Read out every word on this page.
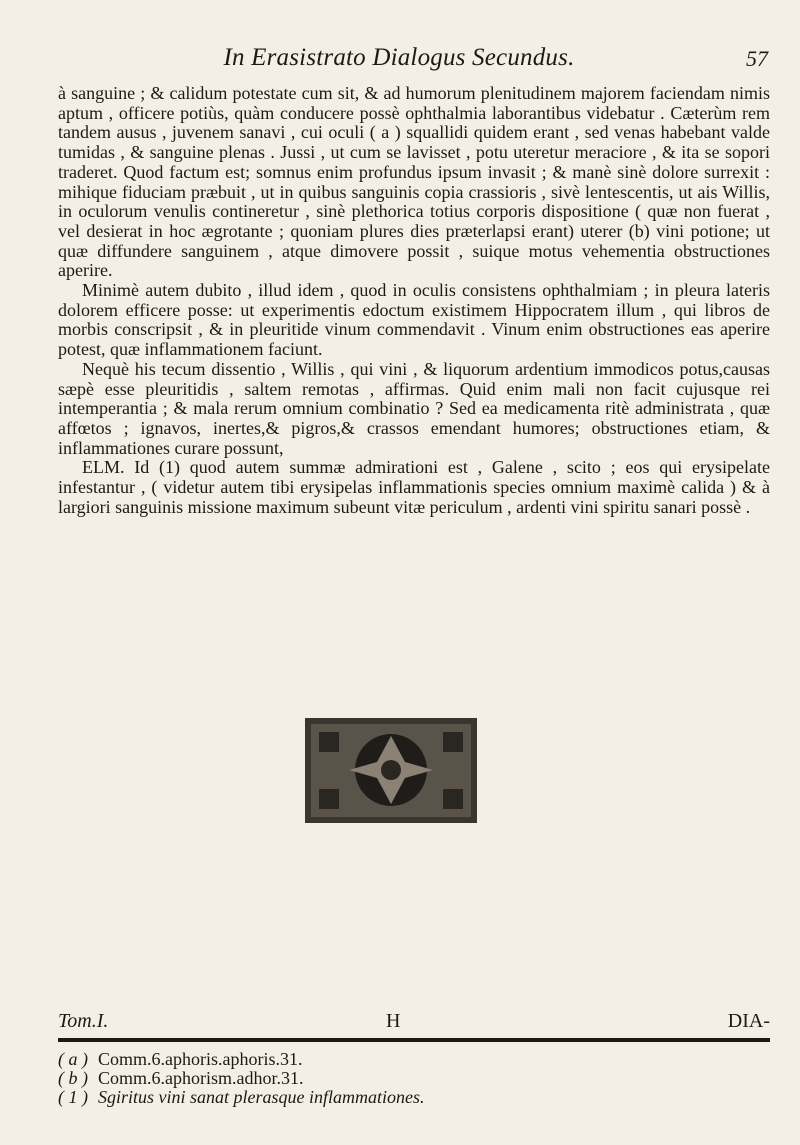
In Erasistrato Dialogus Secundus.	57

à sanguine ; & calidum potestate cum sit, & ad humorum plenitudinem majorem faciendam nimis aptum , officere potiùs, quàm conducere possè ophthalmia laborantibus videbatur . Cæterùm rem tandem ausus , juvenem sanavi , cui oculi ( a ) squallidi quidem erant , sed venas habebant valde tumidas , & sanguine plenas . Jussi , ut cum se lavisset , potu uteretur meraciore , & ita se sopori traderet. Quod factum est; somnus enim profundus ipsum invasit ; & manè sinè dolore surrexit : mihique fiduciam præbuit , ut in quibus sanguinis copia crassioris , sivè lentescentis, ut ais Willis, in oculorum venulis contineretur , sinè plethorica totius corporis dispositione ( quæ non fuerat , vel desierat in hoc ægrotante ; quoniam plures dies præterlapsi erant) uterer (b) vini potione; ut quæ diffundere sanguinem , atque dimovere possit , suique motus vehementia obstructiones aperire.

Minimè autem dubito , illud idem , quod in oculis consistens ophthalmiam ; in pleura lateris dolorem efficere posse: ut experimentis edoctum existimem Hippocratem illum , qui libros de morbis conscripsit , & in pleuritide vinum commendavit . Vinum enim obstructiones eas aperire potest, quæ inflammationem faciunt.

Nequè his tecum dissentio , Willis , qui vini , & liquorum ardentium immodicos potus,causas sæpè esse pleuritidis , saltem remotas , affirmas. Quid enim mali non facit cujusque rei intemperantia ; & mala rerum omnium combinatio ? Sed ea medicamenta ritè administrata , quæ affœtos ; ignavos, inertes,& pigros,& crassos emendant humores; obstructiones etiam, & inflammationes curare possunt,

ELM. Id (1) quod autem summæ admirationi est , Galene , scito ; eos qui erysipelate infestantur , ( videtur autem tibi erysipelas inflammationis species omnium maximè calida ) & à largiori sanguinis missione maximum subeunt vitæ periculum , ardenti vini spiritu sanari possè .

Tom.I.	H	DIA-
( a ) Comm.6.aphoris.aphoris.31.
( b ) Comm.6.aphorism.adhor.31.
( 1 ) Sgiritus vini sanat plerasque inflammationes.
